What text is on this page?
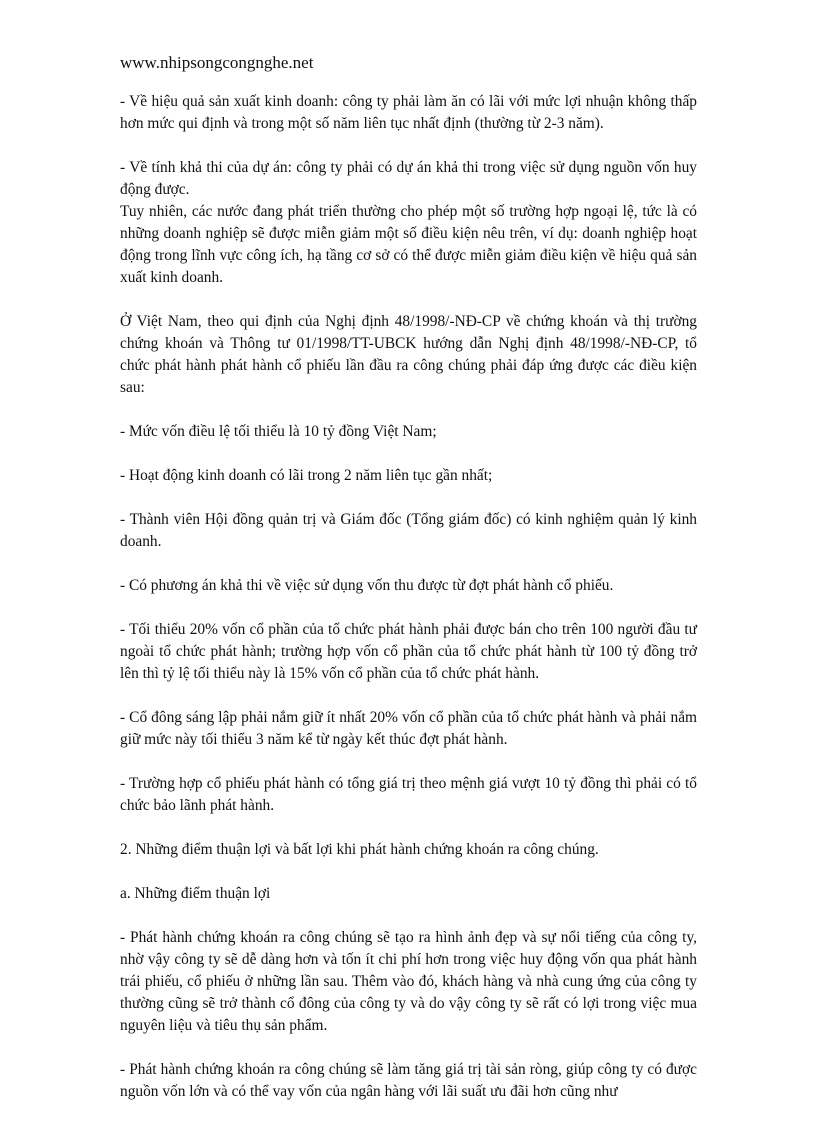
www.nhipsongcongnghe.net

- Về hiệu quả sản xuất kinh doanh: công ty phải làm ăn có lãi với mức lợi nhuận không thấp hơn mức qui định và trong một số năm liên tục nhất định (thường từ 2-3 năm).

- Về tính khả thi của dự án: công ty phải có dự án khả thi trong việc sử dụng nguồn vốn huy động được.

Tuy nhiên, các nước đang phát triển thường cho phép một số trường hợp ngoại lệ, tức là có những doanh nghiệp sẽ được miễn giảm một số điều kiện nêu trên, ví dụ: doanh nghiệp hoạt động trong lĩnh vực công ích, hạ tầng cơ sở có thể được miễn giảm điều kiện về hiệu quả sản xuất kinh doanh.

Ở Việt Nam, theo qui định của Nghị định 48/1998/-NĐ-CP về chứng khoán và thị trường chứng khoán và Thông tư 01/1998/TT-UBCK hướng dẫn Nghị định 48/1998/-NĐ-CP, tổ chức phát hành phát hành cổ phiếu lần đầu ra công chúng phải đáp ứng được các điều kiện sau:

- Mức vốn điều lệ tối thiểu là 10 tỷ đồng Việt Nam;

- Hoạt động kinh doanh có lãi trong 2 năm liên tục gần nhất;

- Thành viên Hội đồng quản trị và Giám đốc (Tổng giám đốc) có kinh nghiệm quản lý kinh doanh.

- Có phương án khả thi về việc sử dụng vốn thu được từ đợt phát hành cổ phiếu.

- Tối thiểu 20% vốn cổ phần của tổ chức phát hành phải được bán cho trên 100 người đầu tư ngoài tổ chức phát hành; trường hợp vốn cổ phần của tổ chức phát hành từ 100 tỷ đồng trở lên thì tỷ lệ tối thiểu này là 15% vốn cổ phần của tổ chức phát hành.

- Cổ đông sáng lập phải nắm giữ ít nhất 20% vốn cổ phần của tổ chức phát hành và phải nắm giữ mức này tối thiểu 3 năm kể từ ngày kết thúc đợt phát hành.

- Trường hợp cổ phiếu phát hành có tổng giá trị theo mệnh giá vượt 10 tỷ đồng thì phải có tổ chức bảo lãnh phát hành.

2. Những điểm thuận lợi và bất lợi khi phát hành chứng khoán ra công chúng.

a. Những điểm thuận lợi

- Phát hành chứng khoán ra công chúng sẽ tạo ra hình ảnh đẹp và sự nổi tiếng của công ty, nhờ vậy công ty sẽ dễ dàng hơn và tốn ít chi phí hơn trong việc huy động vốn qua phát hành trái phiếu, cổ phiếu ở những lần sau. Thêm vào đó, khách hàng và nhà cung ứng của công ty thường cũng sẽ trở thành cổ đông của công ty và do vậy công ty sẽ rất có lợi trong việc mua nguyên liệu và tiêu thụ sản phẩm.

- Phát hành chứng khoán ra công chúng sẽ làm tăng giá trị tài sản ròng, giúp công ty có được nguồn vốn lớn và có thể vay vốn của ngân hàng với lãi suất ưu đãi hơn cũng như
